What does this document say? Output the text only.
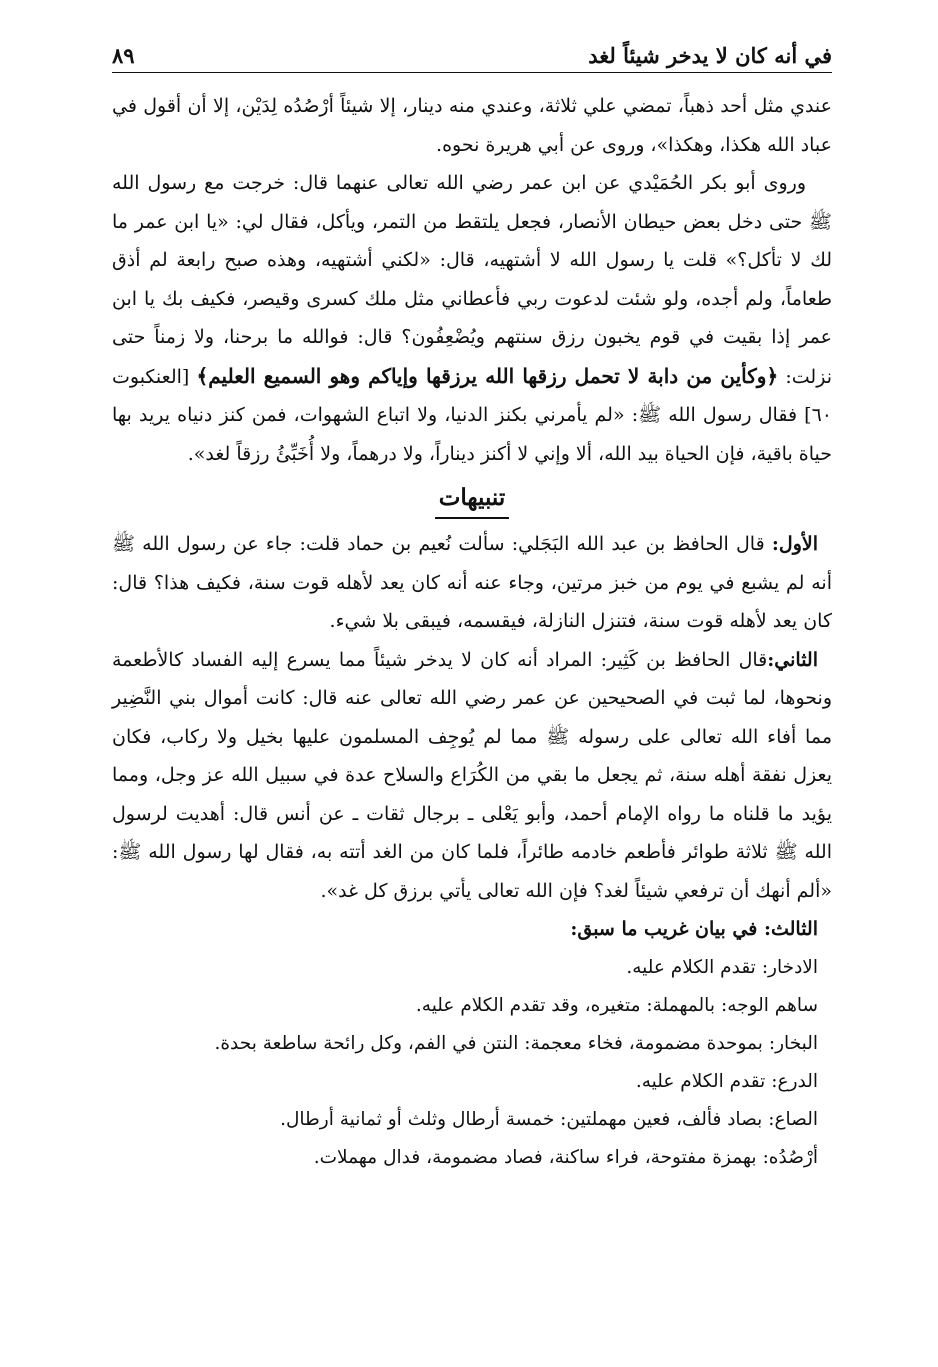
في أنه كان لا يدخر شيئاً لغد
٨٩

عندي مثل أحد ذهباً، تمضي علي ثلاثة، وعندي منه دينار، إلا شيئاً أرْصُدُه لِدَيْن، إلا أن أقول في عباد الله هكذا، وهكذا»، وروى عن أبي هريرة نحوه.

وروى أبو بكر الحُمَيْدي عن ابن عمر رضي الله تعالى عنهما قال: خرجت مع رسول الله ﷺ حتى دخل بعض حيطان الأنصار، فجعل يلتقط من التمر، ويأكل، فقال لي: «يا ابن عمر ما لك لا تأكل؟» قلت يا رسول الله لا أشتهيه، قال: «لكني أشتهيه، وهذه صبح رابعة لم أذق طعاماً، ولم أجده، ولو شئت لدعوت ربي فأعطاني مثل ملك كسرى وقيصر، فكيف بك يا ابن عمر إذا بقيت في قوم يخبون رزق سنتهم ويُضْعِفُون؟ قال: فوالله ما برحنا، ولا زمناً حتى نزلت: ﴿وكأين من دابة لا تحمل رزقها الله يرزقها وإياكم وهو السميع العليم﴾ [العنكبوت ٦٠] فقال رسول الله ﷺ: «لم يأمرني بكنز الدنيا، ولا اتباع الشهوات، فمن كنز دنياه يريد بها حياة باقية، فإن الحياة بيد الله، ألا وإني لا أكنز ديناراً، ولا درهماً، ولا أُخَبِّئُ رزقاً لغد».

تنبيهات

الأول: قال الحافظ بن عبد الله البَجَلي: سألت نُعيم بن حماد قلت: جاء عن رسول الله ﷺ أنه لم يشبع في يوم من خبز مرتين، وجاء عنه أنه كان يعد لأهله قوت سنة، فكيف هذا؟ قال: كان يعد لأهله قوت سنة، فتنزل النازلة، فيقسمه، فيبقى بلا شيء.

الثاني:قال الحافظ بن كَثِير: المراد أنه كان لا يدخر شيئاً مما يسرع إليه الفساد كالأطعمة ونحوها، لما ثبت في الصحيحين عن عمر رضي الله تعالى عنه قال: كانت أموال بني النَّضِير مما أفاء الله تعالى على رسوله ﷺ مما لم يُوجِف المسلمون عليها بخيل ولا ركاب، فكان يعزل نفقة أهله سنة، ثم يجعل ما بقي من الكُرَاع والسلاح عدة في سبيل الله عز وجل، ومما يؤيد ما قلناه ما رواه الإمام أحمد، وأبو يَعْلى ـ برجال ثقات ـ عن أنس قال: أهديت لرسول الله ﷺ ثلاثة طوائر فأطعم خادمه طائراً، فلما كان من الغد أتته به، فقال لها رسول الله ﷺ: «ألم أنهك أن ترفعي شيئاً لغد؟ فإن الله تعالى يأتي برزق كل غد».

الثالث: في بيان غريب ما سبق:

الادخار:تقدم الكلام عليه.

ساهم الوجه:بالمهملة: متغيره، وقد تقدم الكلام عليه.

البخار:بموحدة مضمومة، فخاء معجمة: النتن في الفم، وكل رائحة ساطعة بحدة.

الدرع:تقدم الكلام عليه.

الصاع:بصاد فألف، فعين مهملتين: خمسة أرطال وثلث أو ثمانية أرطال.

أرْصُدُه:بهمزة مفتوحة، فراء ساكنة، فصاد مضمومة، فدال مهملات.
